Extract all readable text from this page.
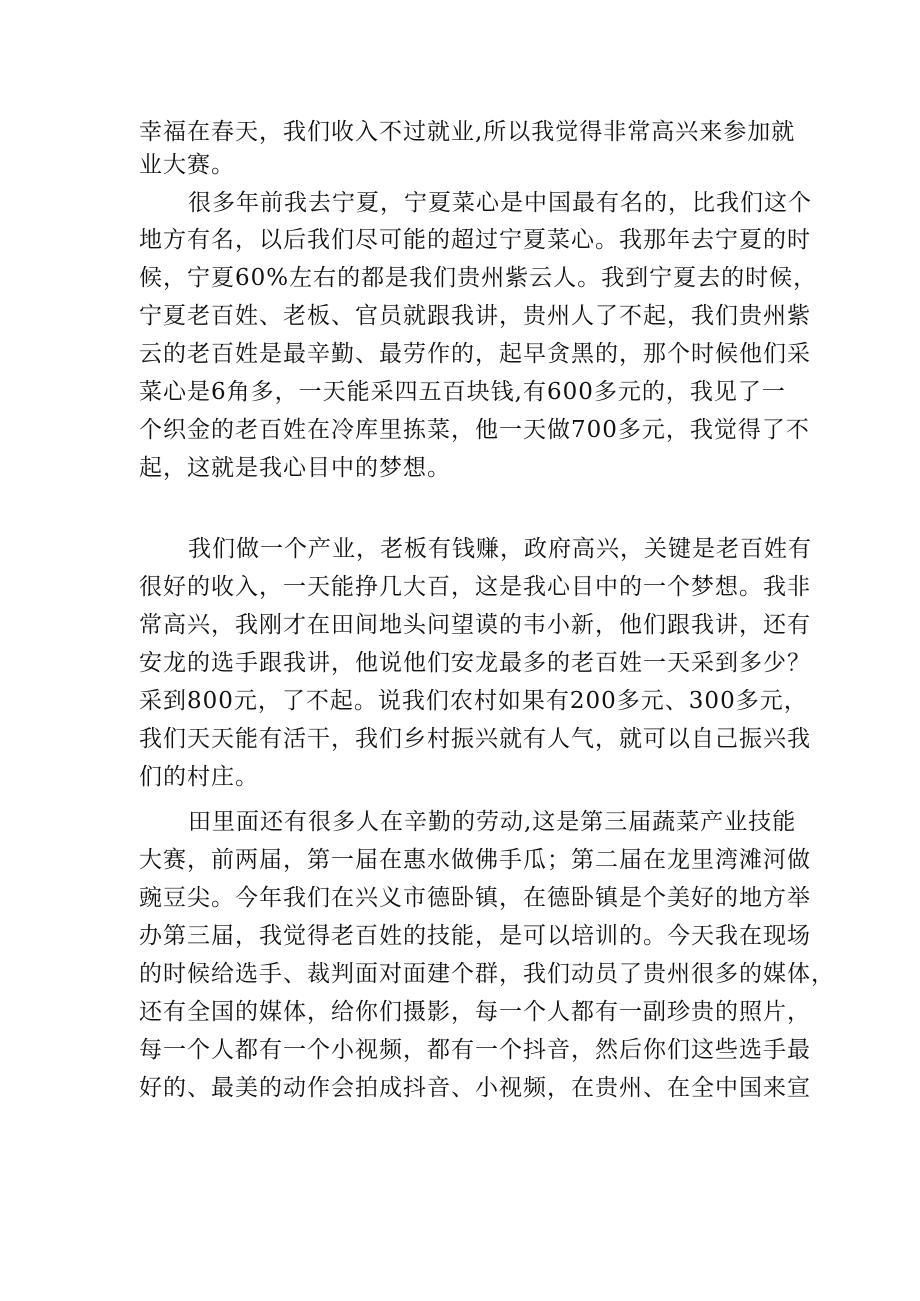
幸福在春天，我们收入不过就业,所以我觉得非常高兴来参加就
业大赛。
很多年前我去宁夏，宁夏菜心是中国最有名的，比我们这个
地方有名，以后我们尽可能的超过宁夏菜心。我那年去宁夏的时
候，宁夏60%左右的都是我们贵州紫云人。我到宁夏去的时候，
宁夏老百姓、老板、官员就跟我讲，贵州人了不起，我们贵州紫
云的老百姓是最辛勤、最劳作的，起早贪黑的，那个时候他们采
菜心是6角多，一天能采四五百块钱,有600多元的，我见了一
个织金的老百姓在冷库里拣菜，他一天做700多元，我觉得了不
起，这就是我心目中的梦想。
我们做一个产业，老板有钱赚，政府高兴，关键是老百姓有
很好的收入，一天能挣几大百，这是我心目中的一个梦想。我非
常高兴，我刚才在田间地头问望谟的韦小新，他们跟我讲，还有
安龙的选手跟我讲，他说他们安龙最多的老百姓一天采到多少？
采到800元，了不起。说我们农村如果有200多元、300多元，
我们天天能有活干，我们乡村振兴就有人气，就可以自己振兴我
们的村庄。
田里面还有很多人在辛勤的劳动,这是第三届蔬菜产业技能
大赛，前两届，第一届在惠水做佛手瓜；第二届在龙里湾滩河做
豌豆尖。今年我们在兴义市德卧镇，在德卧镇是个美好的地方举
办第三届，我觉得老百姓的技能，是可以培训的。今天我在现场
的时候给选手、裁判面对面建个群，我们动员了贵州很多的媒体，
还有全国的媒体，给你们摄影，每一个人都有一副珍贵的照片，
每一个人都有一个小视频，都有一个抖音，然后你们这些选手最
好的、最美的动作会拍成抖音、小视频，在贵州、在全中国来宣
